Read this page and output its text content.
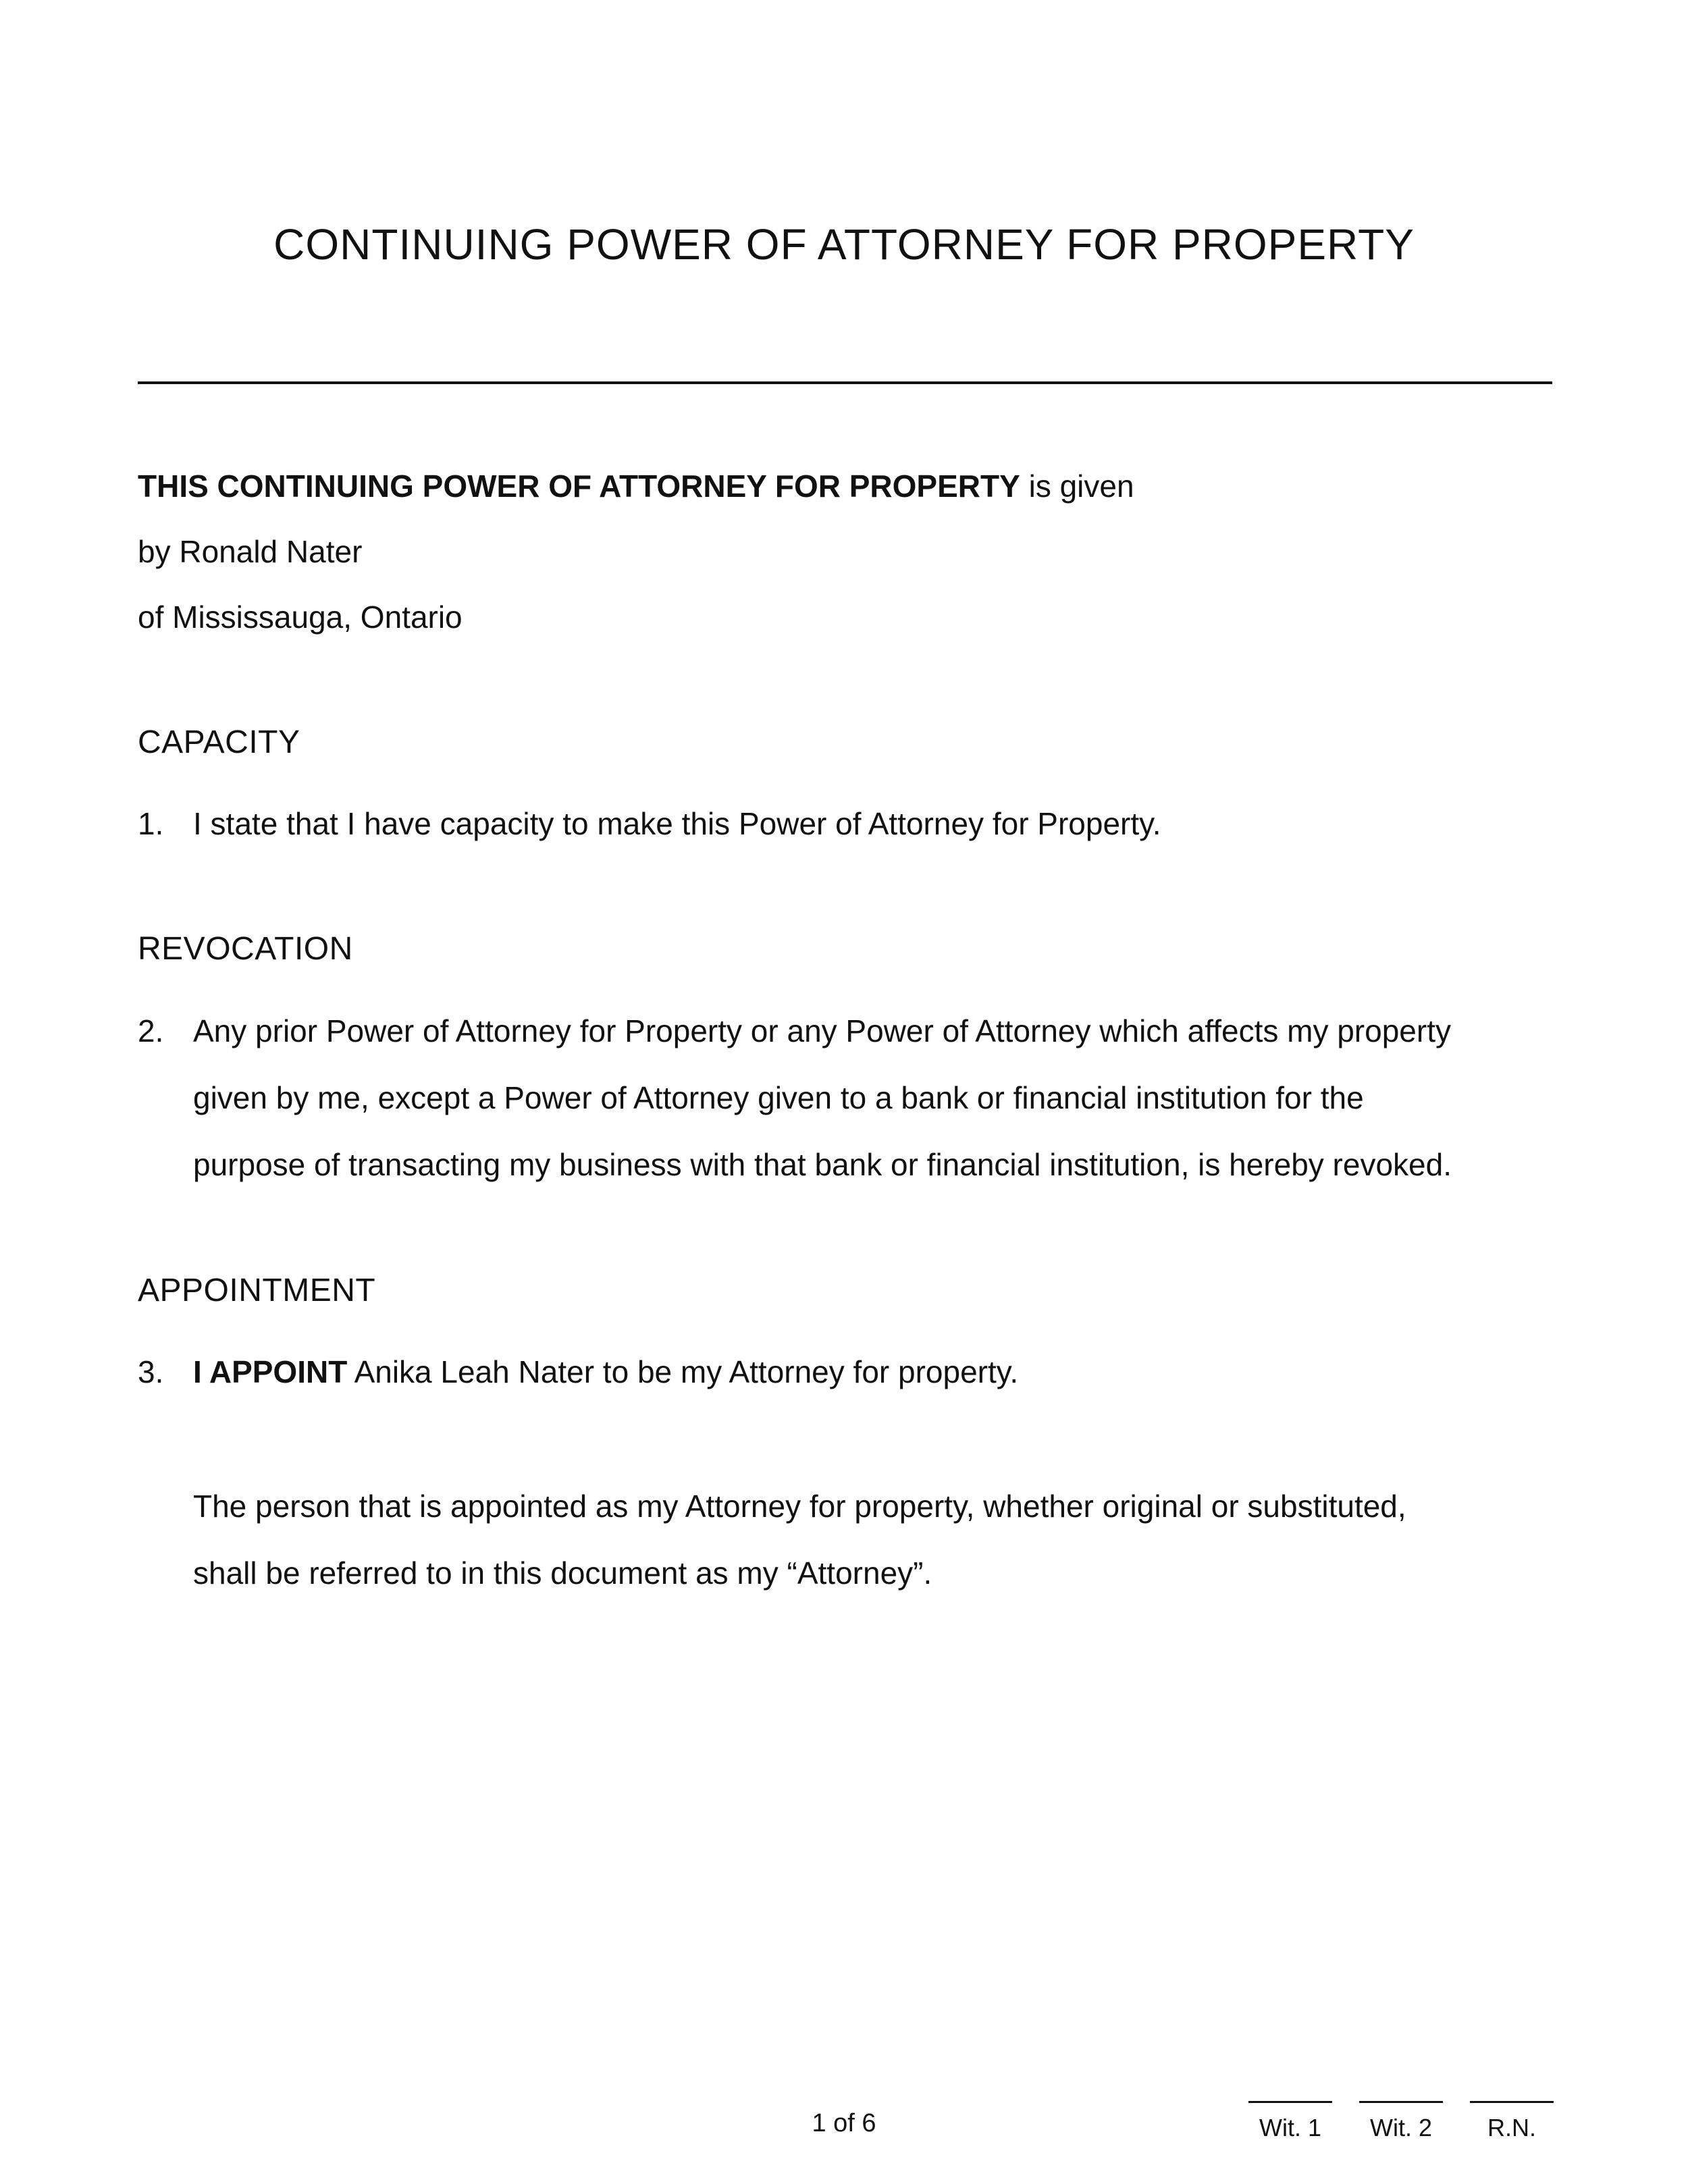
CONTINUING POWER OF ATTORNEY FOR PROPERTY

THIS CONTINUING POWER OF ATTORNEY FOR PROPERTY is given

by Ronald Nater

of Mississauga, Ontario

CAPACITY

1. I state that I have capacity to make this Power of Attorney for Property.

REVOCATION

2. Any prior Power of Attorney for Property or any Power of Attorney which affects my property

given by me, except a Power of Attorney given to a bank or financial institution for the

purpose of transacting my business with that bank or financial institution, is hereby revoked.

APPOINTMENT

3. I APPOINT Anika Leah Nater to be my Attorney for property.

The person that is appointed as my Attorney for property, whether original or substituted,

shall be referred to in this document as my “Attorney”.

1 of 6	Wit. 1	Wit. 2	R.N.
